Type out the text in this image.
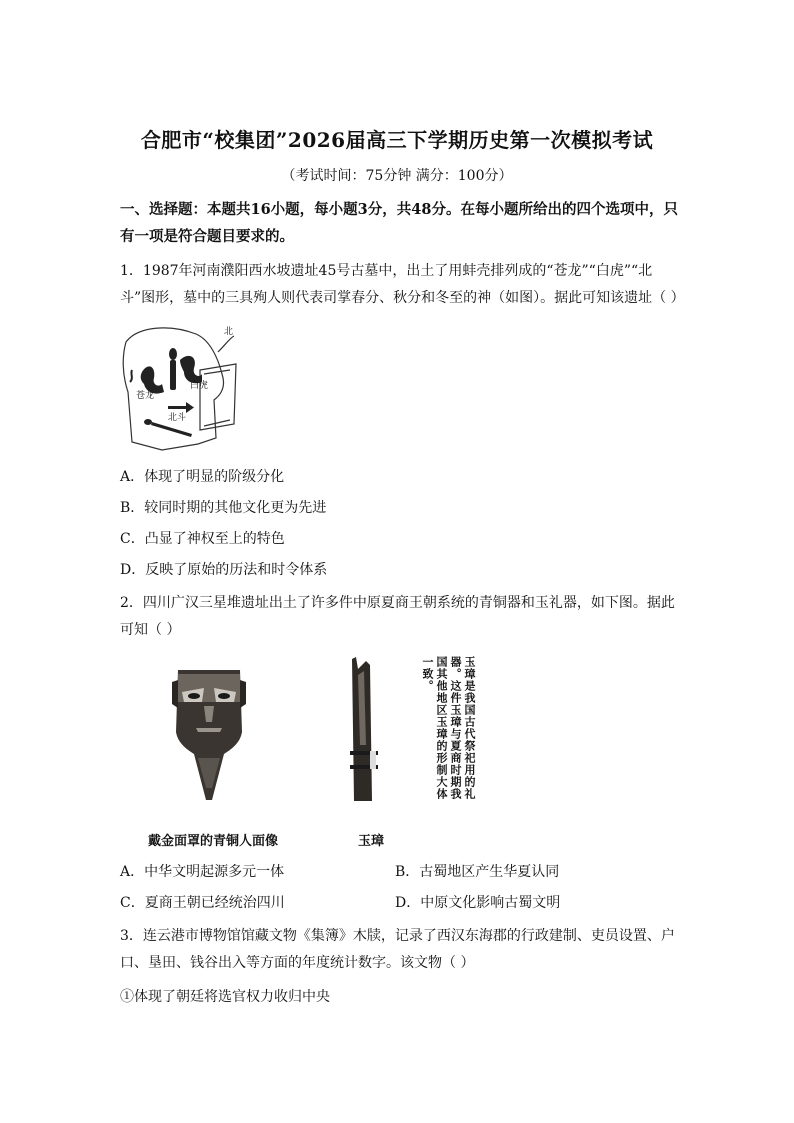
合肥市“校集团”2026届高三下学期历史第一次模拟考试
（考试时间：75分钟 满分：100分）
一、选择题：本题共16小题，每小题3分，共48分。在每小题所给出的四个选项中，只有一项是符合题目要求的。
1．1987年河南濮阳西水坡遗址45号古墓中，出土了用蚌壳排列成的“苍龙”“白虎”“北斗”图形，墓中的三具殉人则代表司掌春分、秋分和冬至的神（如图）。据此可知该遗址（ ）
北
苍龙
白虎
北斗
A．体现了明显的阶级分化
B．较同时期的其他文化更为先进
C．凸显了神权至上的特色
D．反映了原始的历法和时令体系
2．四川广汉三星堆遗址出土了许多件中原夏商王朝系统的青铜器和玉礼器，如下图。据此可知（ ）
玉璋是我国古代祭祀用的礼器。这件玉璋与夏商时期我国其他地区玉璋的形制大体一致。
戴金面罩的青铜人面像	玉璋
A．中华文明起源多元一体	B．古蜀地区产生华夏认同
C．夏商王朝已经统治四川	D．中原文化影响古蜀文明
3．连云港市博物馆馆藏文物《集簿》木牍，记录了西汉东海郡的行政建制、吏员设置、户口、垦田、钱谷出入等方面的年度统计数字。该文物（ ）
①体现了朝廷将选官权力收归中央
